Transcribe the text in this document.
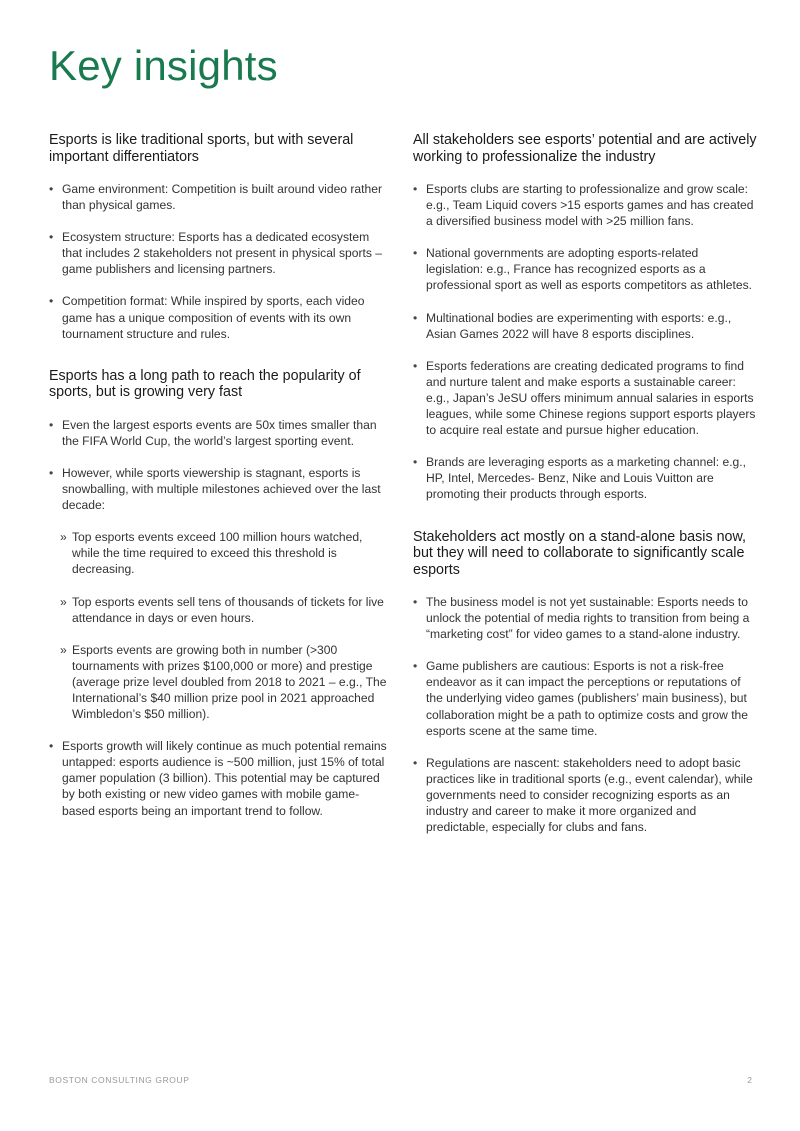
Key insights
Esports is like traditional sports, but with several important differentiators
• Game environment: Competition is built around video rather than physical games.
• Ecosystem structure: Esports has a dedicated ecosystem that includes 2 stakeholders not present in physical sports – game publishers and licensing partners.
• Competition format: While inspired by sports, each video game has a unique composition of events with its own tournament structure and rules.
Esports has a long path to reach the popularity of sports, but is growing very fast
• Even the largest esports events are 50x times smaller than the FIFA World Cup, the world’s largest sporting event.
• However, while sports viewership is stagnant, esports is snowballing, with multiple milestones achieved over the last decade:
» Top esports events exceed 100 million hours watched, while the time required to exceed this threshold is decreasing.
» Top esports events sell tens of thousands of tickets for live attendance in days or even hours.
» Esports events are growing both in number (>300 tournaments with prizes $100,000 or more) and prestige (average prize level doubled from 2018 to 2021 – e.g., The International’s $40 million prize pool in 2021 approached Wimbledon’s $50 million).
• Esports growth will likely continue as much potential remains untapped: esports audience is ~500 million, just 15% of total gamer population (3 billion). This potential may be captured by both existing or new video games with mobile game-based esports being an important trend to follow.
All stakeholders see esports’ potential and are actively working to professionalize the industry
• Esports clubs are starting to professionalize and grow scale: e.g., Team Liquid covers >15 esports games and has created a diversified business model with >25 million fans.
• National governments are adopting esports-related legislation: e.g., France has recognized esports as a professional sport as well as esports competitors as athletes.
• Multinational bodies are experimenting with esports: e.g., Asian Games 2022 will have 8 esports disciplines.
• Esports federations are creating dedicated programs to find and nurture talent and make esports a sustainable career: e.g., Japan’s JeSU offers minimum annual salaries in esports leagues, while some Chinese regions support esports players to acquire real estate and pursue higher education.
• Brands are leveraging esports as a marketing channel: e.g., HP, Intel, Mercedes- Benz, Nike and Louis Vuitton are promoting their products through esports.
Stakeholders act mostly on a stand-alone basis now, but they will need to collaborate to significantly scale esports
• The business model is not yet sustainable: Esports needs to unlock the potential of media rights to transition from being a “marketing cost” for video games to a stand-alone industry.
• Game publishers are cautious: Esports is not a risk-free endeavor as it can impact the perceptions or reputations of the underlying video games (publishers’ main business), but collaboration might be a path to optimize costs and grow the esports scene at the same time.
• Regulations are nascent: stakeholders need to adopt basic practices like in traditional sports (e.g., event calendar), while governments need to consider recognizing esports as an industry and career to make it more organized and predictable, especially for clubs and fans.
BOSTON CONSULTING GROUP	2
